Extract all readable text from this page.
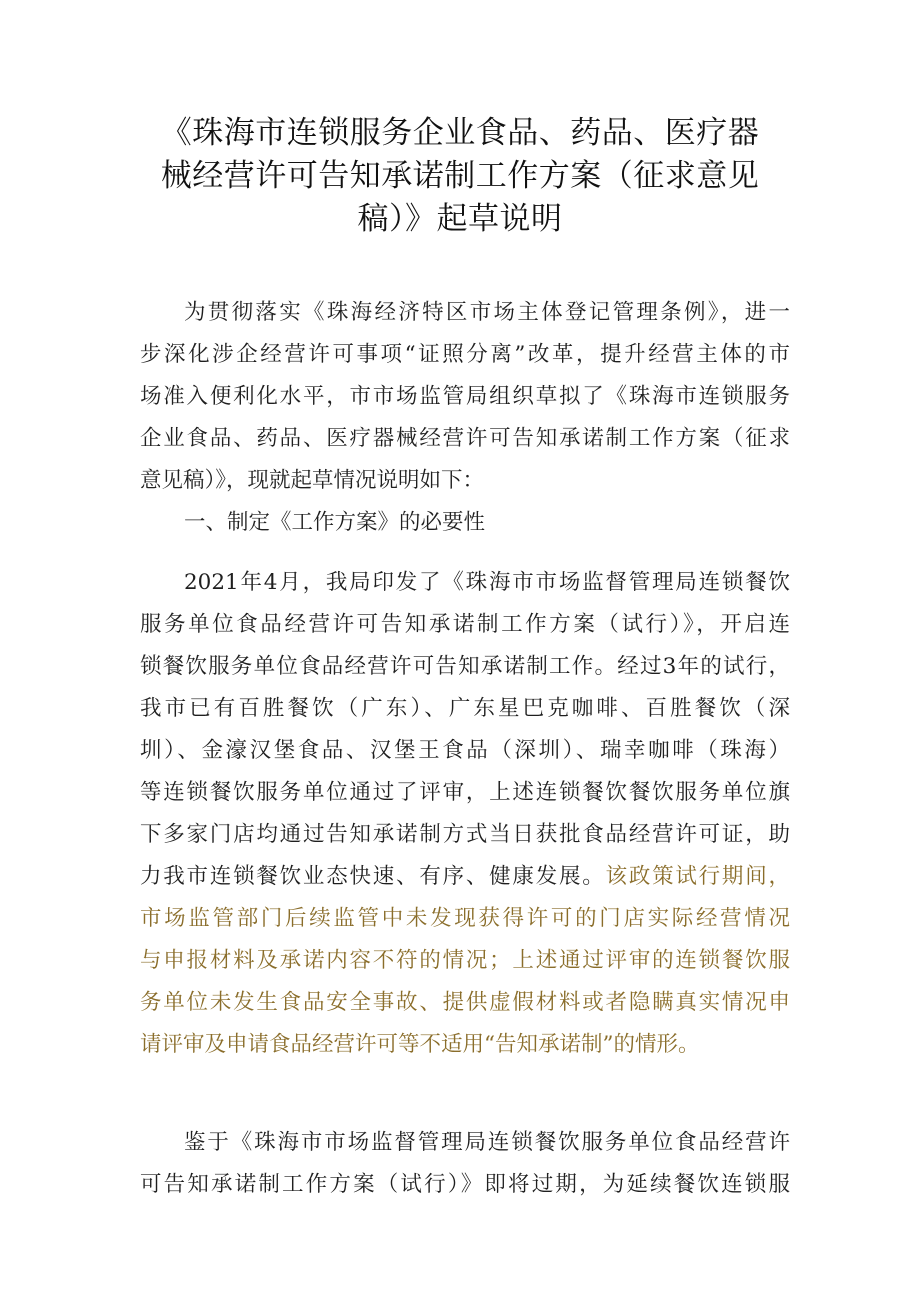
《珠海市连锁服务企业食品、药品、医疗器
械经营许可告知承诺制工作方案（征求意见
稿）》起草说明
为贯彻落实《珠海经济特区市场主体登记管理条例》，进一
步深化涉企经营许可事项“证照分离”改革，提升经营主体的市
场准入便利化水平，市市场监管局组织草拟了《珠海市连锁服务
企业食品、药品、医疗器械经营许可告知承诺制工作方案（征求
意见稿）》，现就起草情况说明如下：
一、制定《工作方案》的必要性
2021年4月，我局印发了《珠海市市场监督管理局连锁餐饮
服务单位食品经营许可告知承诺制工作方案（试行）》，开启连
锁餐饮服务单位食品经营许可告知承诺制工作。经过3年的试行，
我市已有百胜餐饮（广东）、广东星巴克咖啡、百胜餐饮（深
圳）、金濠汉堡食品、汉堡王食品（深圳）、瑞幸咖啡（珠海）
等连锁餐饮服务单位通过了评审，上述连锁餐饮餐饮服务单位旗
下多家门店均通过告知承诺制方式当日获批食品经营许可证，助
力我市连锁餐饮业态快速、有序、健康发展。该政策试行期间，
市场监管部门后续监管中未发现获得许可的门店实际经营情况
与申报材料及承诺内容不符的情况；上述通过评审的连锁餐饮服
务单位未发生食品安全事故、提供虚假材料或者隐瞒真实情况申
请评审及申请食品经营许可等不适用“告知承诺制”的情形。
鉴于《珠海市市场监督管理局连锁餐饮服务单位食品经营许
可告知承诺制工作方案（试行）》即将过期，为延续餐饮连锁服
